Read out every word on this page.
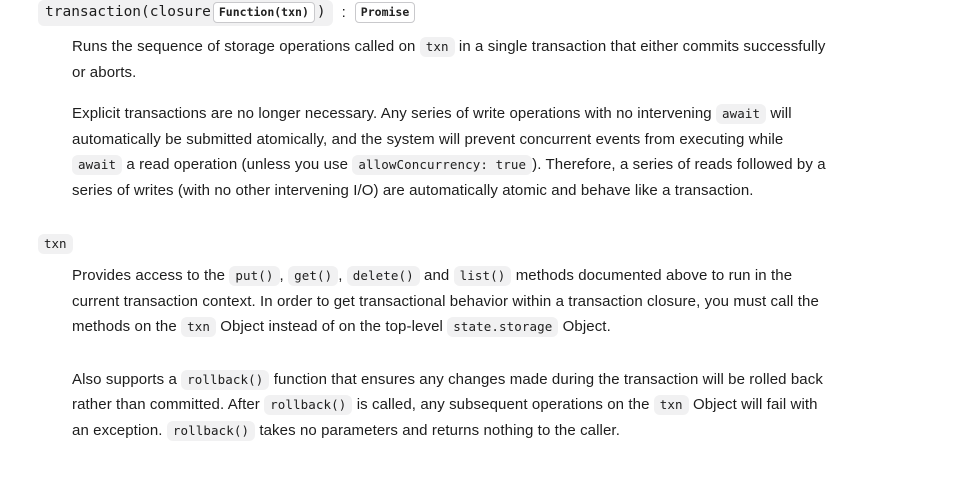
transaction(closure Function(txn) )	:	Promise

Runs the sequence of storage operations called on txn in a single transaction that either commits successfully or aborts.

Explicit transactions are no longer necessary. Any series of write operations with no intervening await will automatically be submitted atomically, and the system will prevent concurrent events from executing while await a read operation (unless you use allowConcurrency: true ). Therefore, a series of reads followed by a series of writes (with no other intervening I/O) are automatically atomic and behave like a transaction.

txn

Provides access to the put() , get() , delete() and list() methods documented above to run in the current transaction context. In order to get transactional behavior within a transaction closure, you must call the methods on the txn Object instead of on the top-level state.storage Object.

Also supports a rollback() function that ensures any changes made during the transaction will be rolled back rather than committed. After rollback() is called, any subsequent operations on the txn Object will fail with an exception. rollback() takes no parameters and returns nothing to the caller.
